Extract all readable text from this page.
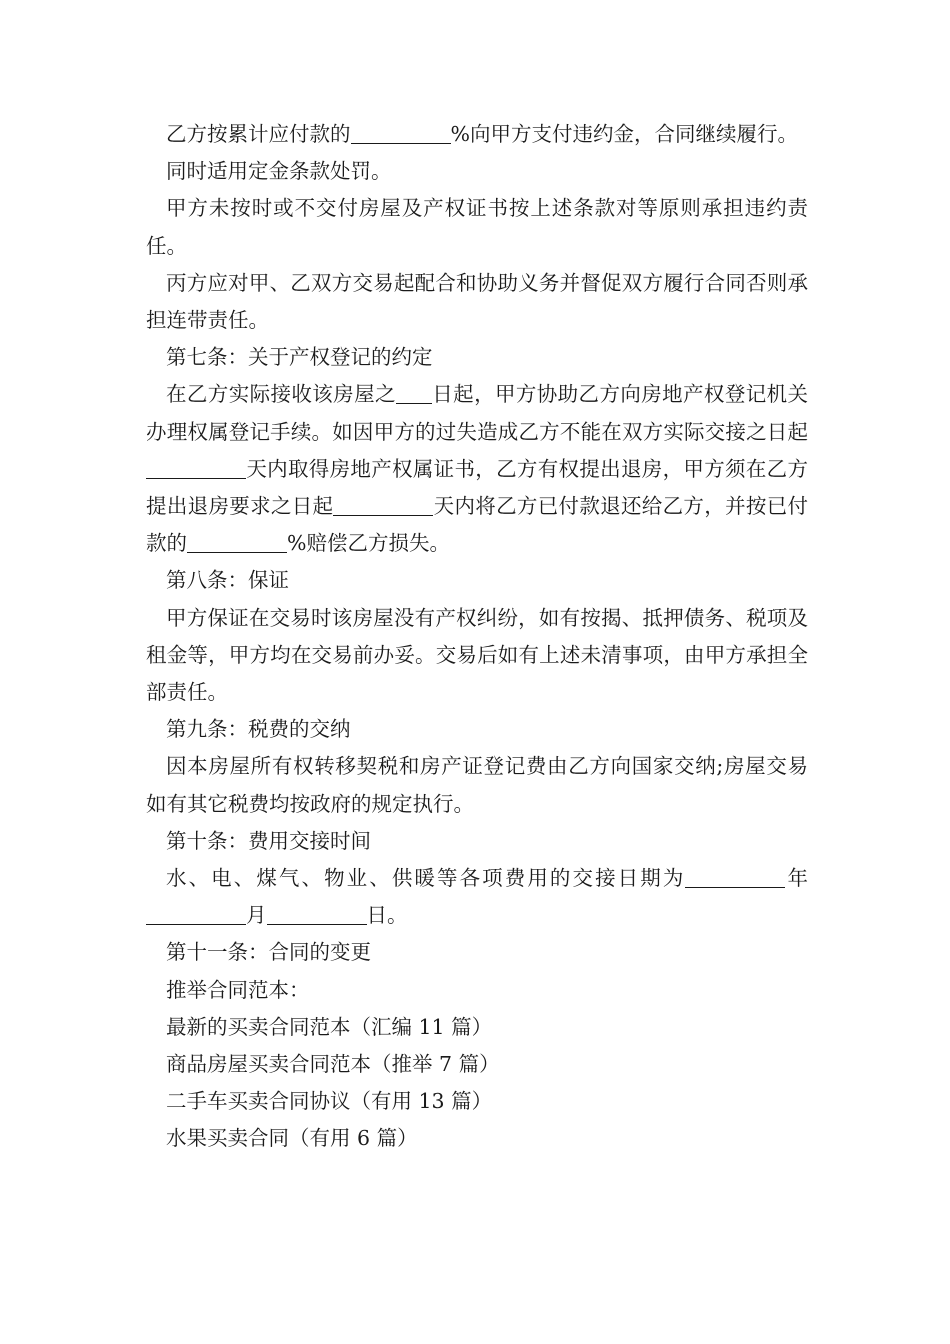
乙方按累计应付款的	%向甲方支付违约金，合同继续履行。

同时适用定金条款处罚。

甲方未按时或不交付房屋及产权证书按上述条款对等原则承担违约责任。

丙方应对甲、乙双方交易起配合和协助义务并督促双方履行合同否则承担连带责任。

第七条：关于产权登记的约定

在乙方实际接收该房屋之 日起，甲方协助乙方向房地产权登记机关办理权属登记手续。如因甲方的过失造成乙方不能在双方实际交接之日起天内取得房地产权属证书，乙方有权提出退房，甲方须在乙方提出退房要求之日起	天内将乙方已付款退还给乙方，并按已付款的	%赔偿乙方损失。

第八条：保证

甲方保证在交易时该房屋没有产权纠纷，如有按揭、抵押债务、税项及租金等，甲方均在交易前办妥。交易后如有上述未清事项，由甲方承担全部责任。

第九条：税费的交纳

因本房屋所有权转移契税和房产证登记费由乙方向国家交纳;房屋交易如有其它税费均按政府的规定执行。

第十条：费用交接时间

水、电、煤气、物业、供暖等各项费用的交接日期为	年月	日。

第十一条：合同的变更

推举合同范本：

最新的买卖合同范本（汇编 11 篇）

商品房屋买卖合同范本（推举 7 篇）

二手车买卖合同协议（有用 13 篇）

水果买卖合同（有用 6 篇）
